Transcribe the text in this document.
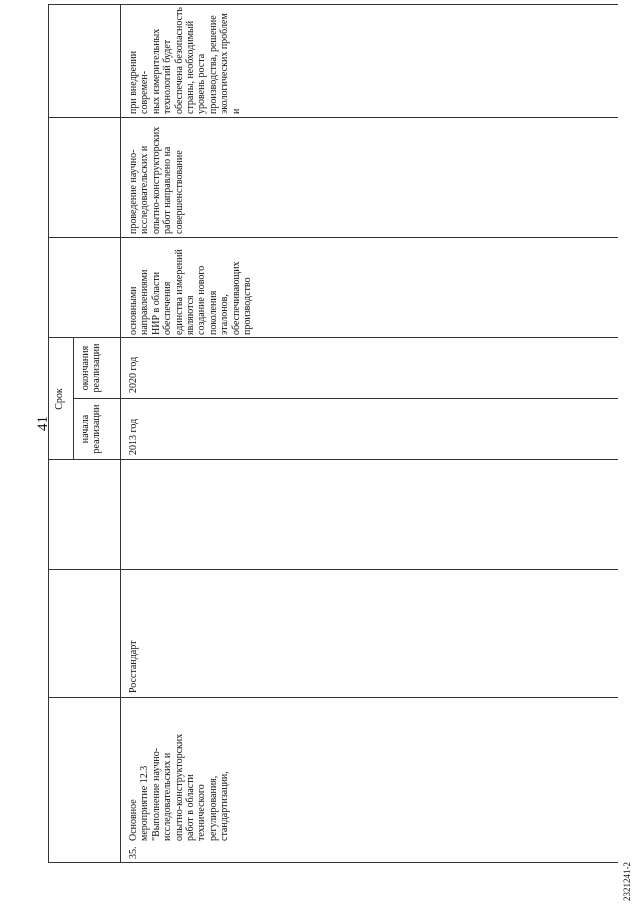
41
2321241-2
Срок
начала реализации
окончания реализации
35.

Основное мероприятие 12.3 "Выполнение научно- исследовательских и опытно-конструкторских работ в области технического регулирования, стандартизации,

Росстандарт
2013 год
2020 год

основными направлениями НИР в области обеспечения единства измерений являются создание нового поколения эталонов, обеспечивающих производство

проведение научно- исследовательских и опытно-конструкторских работ направлено на совершенствование

при внедрении современ- ных измерительных технологий будет обеспечена безопасность страны, необходимый уровень роста производства, решение экологических проблем и
